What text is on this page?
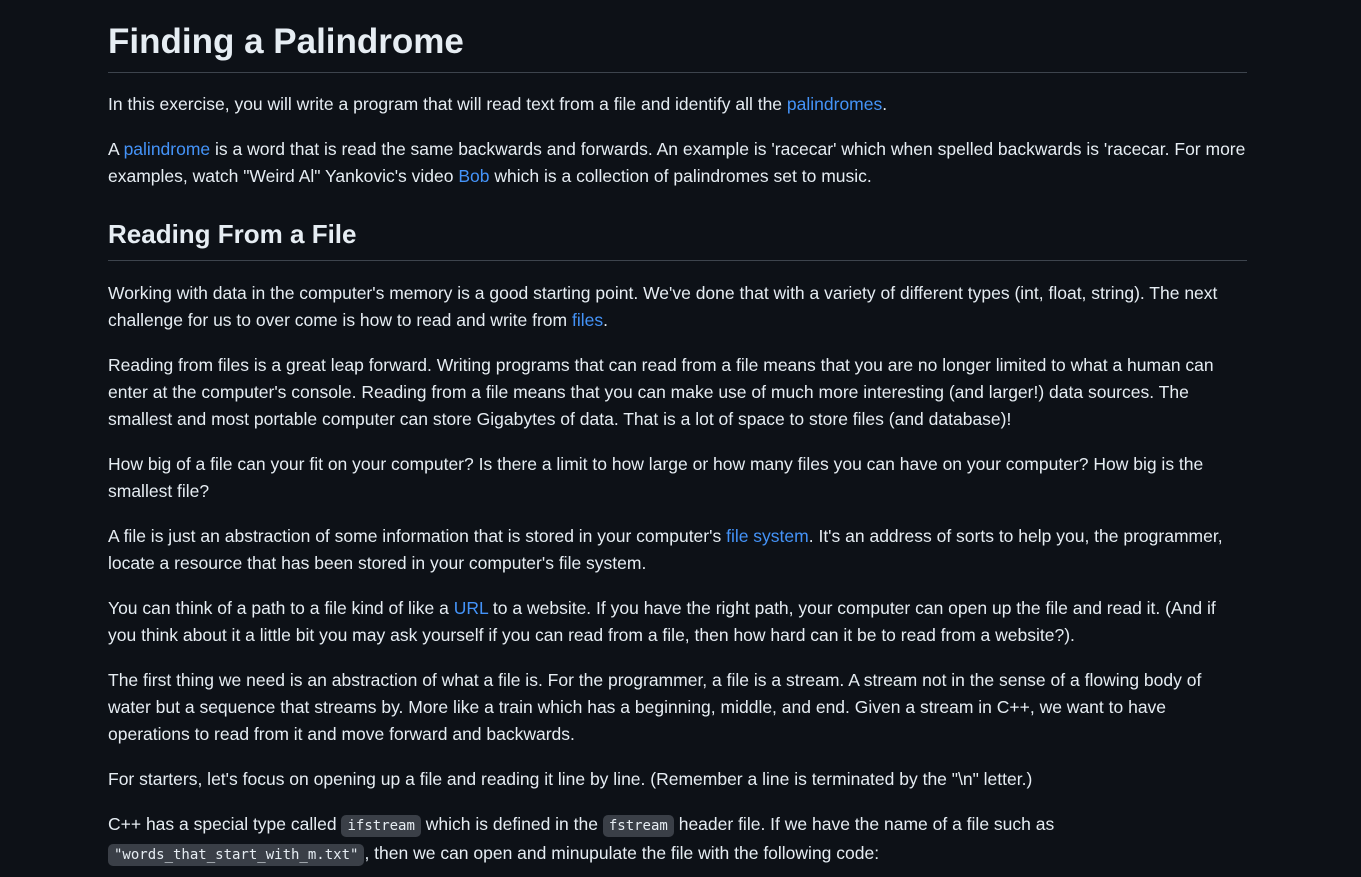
Finding a Palindrome

In this exercise, you will write a program that will read text from a file and identify all the palindromes.

A palindrome is a word that is read the same backwards and forwards. An example is 'racecar' which when spelled backwards is 'racecar. For more examples, watch "Weird Al" Yankovic's video Bob which is a collection of palindromes set to music.

Reading From a File

Working with data in the computer's memory is a good starting point. We've done that with a variety of different types (int, float, string). The next challenge for us to over come is how to read and write from files.

Reading from files is a great leap forward. Writing programs that can read from a file means that you are no longer limited to what a human can enter at the computer's console. Reading from a file means that you can make use of much more interesting (and larger!) data sources. The smallest and most portable computer can store Gigabytes of data. That is a lot of space to store files (and database)!

How big of a file can your fit on your computer? Is there a limit to how large or how many files you can have on your computer? How big is the smallest file?

A file is just an abstraction of some information that is stored in your computer's file system. It's an address of sorts to help you, the programmer, locate a resource that has been stored in your computer's file system.

You can think of a path to a file kind of like a URL to a website. If you have the right path, your computer can open up the file and read it. (And if you think about it a little bit you may ask yourself if you can read from a file, then how hard can it be to read from a website?).

The first thing we need is an abstraction of what a file is. For the programmer, a file is a stream. A stream not in the sense of a flowing body of water but a sequence that streams by. More like a train which has a beginning, middle, and end. Given a stream in C++, we want to have operations to read from it and move forward and backwards.

For starters, let's focus on opening up a file and reading it line by line. (Remember a line is terminated by the "\n" letter.)

C++ has a special type called ifstream which is defined in the fstream header file. If we have the name of a file such as "words_that_start_with_m.txt" , then we can open and minupulate the file with the following code:
